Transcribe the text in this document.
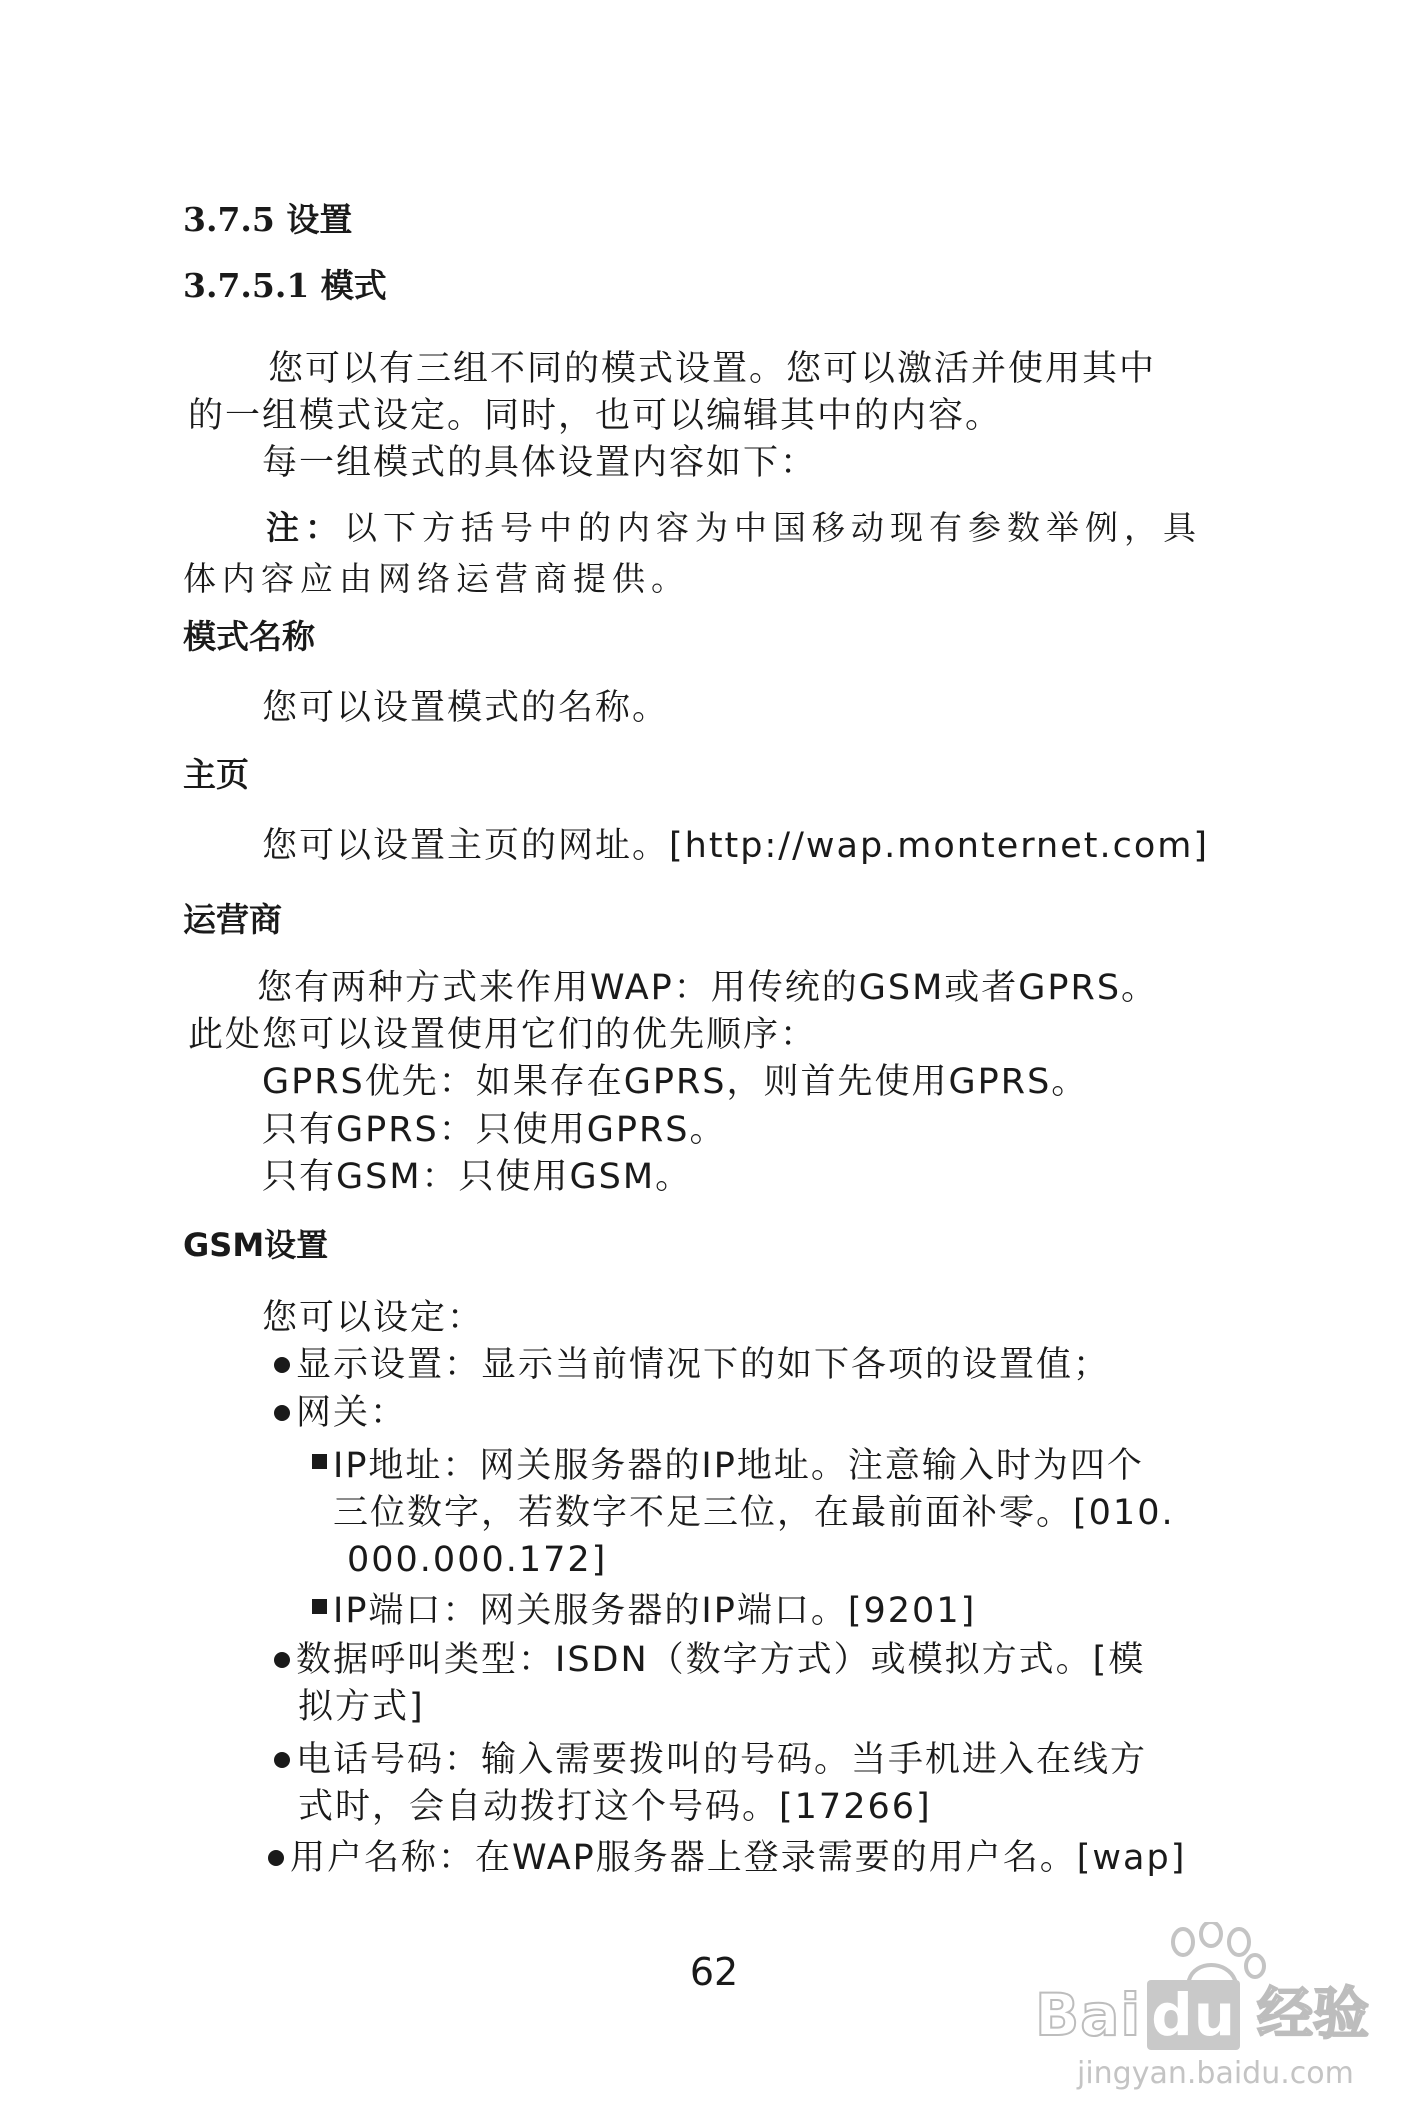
3.7.5 设置
3.7.5.1 模式
您可以有三组不同的模式设置。您可以激活并使用其中
的一组模式设定。同时，也可以编辑其中的内容。
每一组模式的具体设置内容如下：
注：以下方括号中的内容为中国移动现有参数举例，具
体内容应由网络运营商提供。
模式名称
您可以设置模式的名称。
主页
您可以设置主页的网址。[http://wap.monternet.com]
运营商
您有两种方式来作用WAP：用传统的GSM或者GPRS。
此处您可以设置使用它们的优先顺序：
GPRS优先：如果存在GPRS，则首先使用GPRS。
只有GPRS：只使用GPRS。
只有GSM：只使用GSM。
GSM设置
您可以设定：
显示设置：显示当前情况下的如下各项的设置值；
网关：
IP地址：网关服务器的IP地址。注意输入时为四个
三位数字，若数字不足三位，在最前面补零。[010.
000.000.172]
IP端口：网关服务器的IP端口。[9201]
数据呼叫类型：ISDN（数字方式）或模拟方式。[模
拟方式]
电话号码：输入需要拨叫的号码。当手机进入在线方
式时，会自动拨打这个号码。[17266]
用户名称：在WAP服务器上登录需要的用户名。[wap]
62
Bai du 经验
jingyan.baidu.com
